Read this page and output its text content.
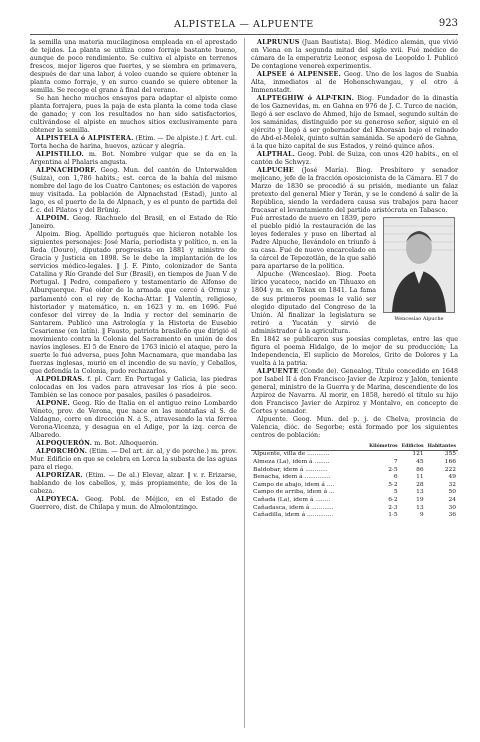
ALPISTELA — ALPUENTE	923

la semilla una materia mucilaginosa empleada en el aprestado de tejidos. La planta se utiliza como forraje bastante bueno, aunque de poco rendimiento. Se cultiva el alpiste en terrenos frescos, mejor ligeros que fuertes, y se siembra en primavera, después de dar una labor, á voleo cuando se quiere obtener la planta como forraje, y en surco cuando se quiere obtener la semilla. Se recoge el grano á final del verano.

Se han hecho muchos ensayos para adaptar el alpiste como planta forrajera, pues la paja de esta planta la come toda clase de ganado; y con los resultados no han sido satisfactorios, cultivándose el alpiste en muchos sitios exclusivamente para obtener la semilla.

ALPISTELA ó ALPISTERA. (Etim. — De alpiste.) f. Art. cul. Torta hecha de harina, huevos, azúcar y alegría.

ALPISTILLO. m. Bot. Nombre vulgar que se da en la Argentina al Phalaris angusta.

ALPNACHDORF. Geog. Mun. del cantón de Unterwalden (Suiza), con 1,786 habits.; est. cerca de la bahía del mismo nombre del lago de los Cuatro Cantones; es estación de vapores muy visitada. La población de Alpnachstad (Estad), junto al lago, es el puerto de la de Alpnach, y es el punto de partida del f. c. del Pilatos y del Brünig.

ALPOIM. Geog. Riachuelo del Brasil, en el Estado de Río Janeiro.

Alpoim. Biog. Apellido portugués que hicieron notable los siguientes personajes: José María, periodista y político, n. en la Reda (Douro), diputado progresista en 1881 y ministro de Gracia y Justicia en 1898. Se le debe la implantación de los servicios médico-legales. ‖ J. F. Pinto, colonizador de Santa Catalina y Río Grande del Sur (Brasil), en tiempos de Juan V de Portugal. ‖ Pedro, compañero y testamentario de Alfonso de Alburquerque. Fué oidor de la armada que cercó á Ormuz y parlamentó con el rey de Kocha-Attar. ‖ Valentín, religioso, historiador y matemático, n. en 1623 y m. en 1696. Fué confesor del virrey de la India y rector del seminario de Santarem. Publicó una Astrología y la Historia de Eusebio Cesariense (en latín). ‖ Fausto, patriota brasileño que dirigió el movimiento contra la Colonia del Sacramento en unión de dos navíos ingleses. El 5 de Enero de 1763 inició el ataque, pero la suerte le fué adversa, pues John Macnamara, que mandaba las fuerzas inglesas, murió en el incendio de su navío, y Ceballos, que defendía la Colonia, pudo rechazarlos.

ALPOLDRAS. f. pl. Carr. En Portugal y Galicia, las piedras colocadas en los vados para atravesar los ríos á pie seco. También se las conoce por pasales, pasiles ó pasadeiros.

ALPONE. Geog. Río de Italia en el antiguo reino Lombardo Véneto, prov. de Verona, que nace en las montañas al S. de Valdagno, corre en dirección N. á S., atravesando la via férrea Verona-Vicenza, y desagua en el Adige, por la izq. cerca de Albaredo.

ALPOQUERÓN. m. Bot. Alhoquerón.

ALPORCHÓN. (Etim. — Del art. ár. al, y de porche.) m. prov. Mur. Edificio en que se celebra en Lorca la subasta de las aguas para el riego.

ALPORIZAR. (Etim. — De al.) Elevar, alzar. ‖ v. r. Erizarse, hablando de los cabellos, y, más propiamente, de los de la cabeza.

ALPOYECA. Geog. Pobl. de Méjico, en el Estado de Guerrero, dist. de Chilapa y mun. de Almolontzingo.

ALPRUNUS (Juan Bautista). Biog. Médico alemán, que vivió en Viena en la segunda mitad del siglo xvii. Fué médico de cámara de la emperatriz Leonor, esposa de Leopoldo I. Publicó De contagione venereà experimentis.

ALPSEE ó ALPENSEE. Geog. Uno de los lagos de Suabia Alta, inmediatos al de Hohenschwangau, y el otro á Immenstadt.

ALPTEGHIW ó ALP-TKIN. Biog. Fundador de la dinastía de los Gaznevidas, m. en Gahna en 976 de J. C. Turco de nación, llegó á ser esclavo de Ahmed, hijo de Ismael, segundo sultán de los samánidas, distinguido por su generoso señor, siguió en el ejército y llegó á ser gobernador del Khorasán bajo el reinado de Abd-el-Melek, quinto sultán samánida. Se apoderó de Gahna, á la que hizo capital de sus Estados, y reinó quince años.

ALPTHAL. Geog. Pobl. de Suiza, con unos 420 habits., en el cantón de Schwyz.

ALPUCHE (José María). Biog. Presbítero y senador mejicano, jefe de la fracción oposicionista de la Cámara. El 7 de Marzo de 1830 se procedió á su prisión, mediante un falaz pretexto del general Mier y Terán, y se le condenó á salir de la República, siendo la verdadera causa sus trabajos para hacer fracasar el levantamiento del partido aristócrata en Tabasco.

Fué arrestado de nuevo en 1839, pero el pueblo pidió la restauración de las leyes federales y puso en libertad al Padre Alpuche, llevándolo en triunfo á su casa. Fué de nuevo encarcelado en la cárcel de Tepozotlán, de la que salió para apartarse de la política.

Alpuche (Wenceslao). Biog. Poeta lírico yucateco, nacido en Tihuaxo en 1804 y m. en Tekax en 1841. La fama de sus primeros poemas le valió ser elegido diputado del Congreso de la Unión. Al finalizar la legislatura se retiró a Yucatán y sirvió de administrador á la agricultura.

Wenceslao Alpuche

En 1842 se publicaron sus poesías completas, entre las que figura el poema Hidalgo, de lo mejor de su producción; La Independencia, El suplicio de Morelos, Grito de Dolores y La vuelta á la patria.

ALPUENTE (Conde de). Genealog. Título concedido en 1648 por Isabel II á don Francisco Javier de Azpiroz y Jalón, teniente general, ministro de la Guerra y de Marina, descendiente de los Azpiroz de Navarra. Al morir, en 1858, heredó el título su hijo don Francisco Javier de Azpiroz y Montalvo, en concepto de Cortes y senador.

Alpuente. Geog. Mun. del p. j. de Chelva, provincia de Valencia, dióc. de Segorbe; está formado por los siguientes centros de población:

	Kilómetros	Edificios	Habitantes
Alpuente, villa de ............		121	355
Almeza (La), idem á ........	7	45	166
Baldobar, idem á ............	2·5	86	222
Benacha, idem á ..............	6	11	49
Campo de abajo, idem á ....	5·2	28	32
Campo de arriba, idem á ...	5	13	50
Cañada (La), idem á ........	6·2	19	24
Cañadasca, idem á ............	2·3	13	30
Cañadilla, idem á ..............	1·5	9	36
